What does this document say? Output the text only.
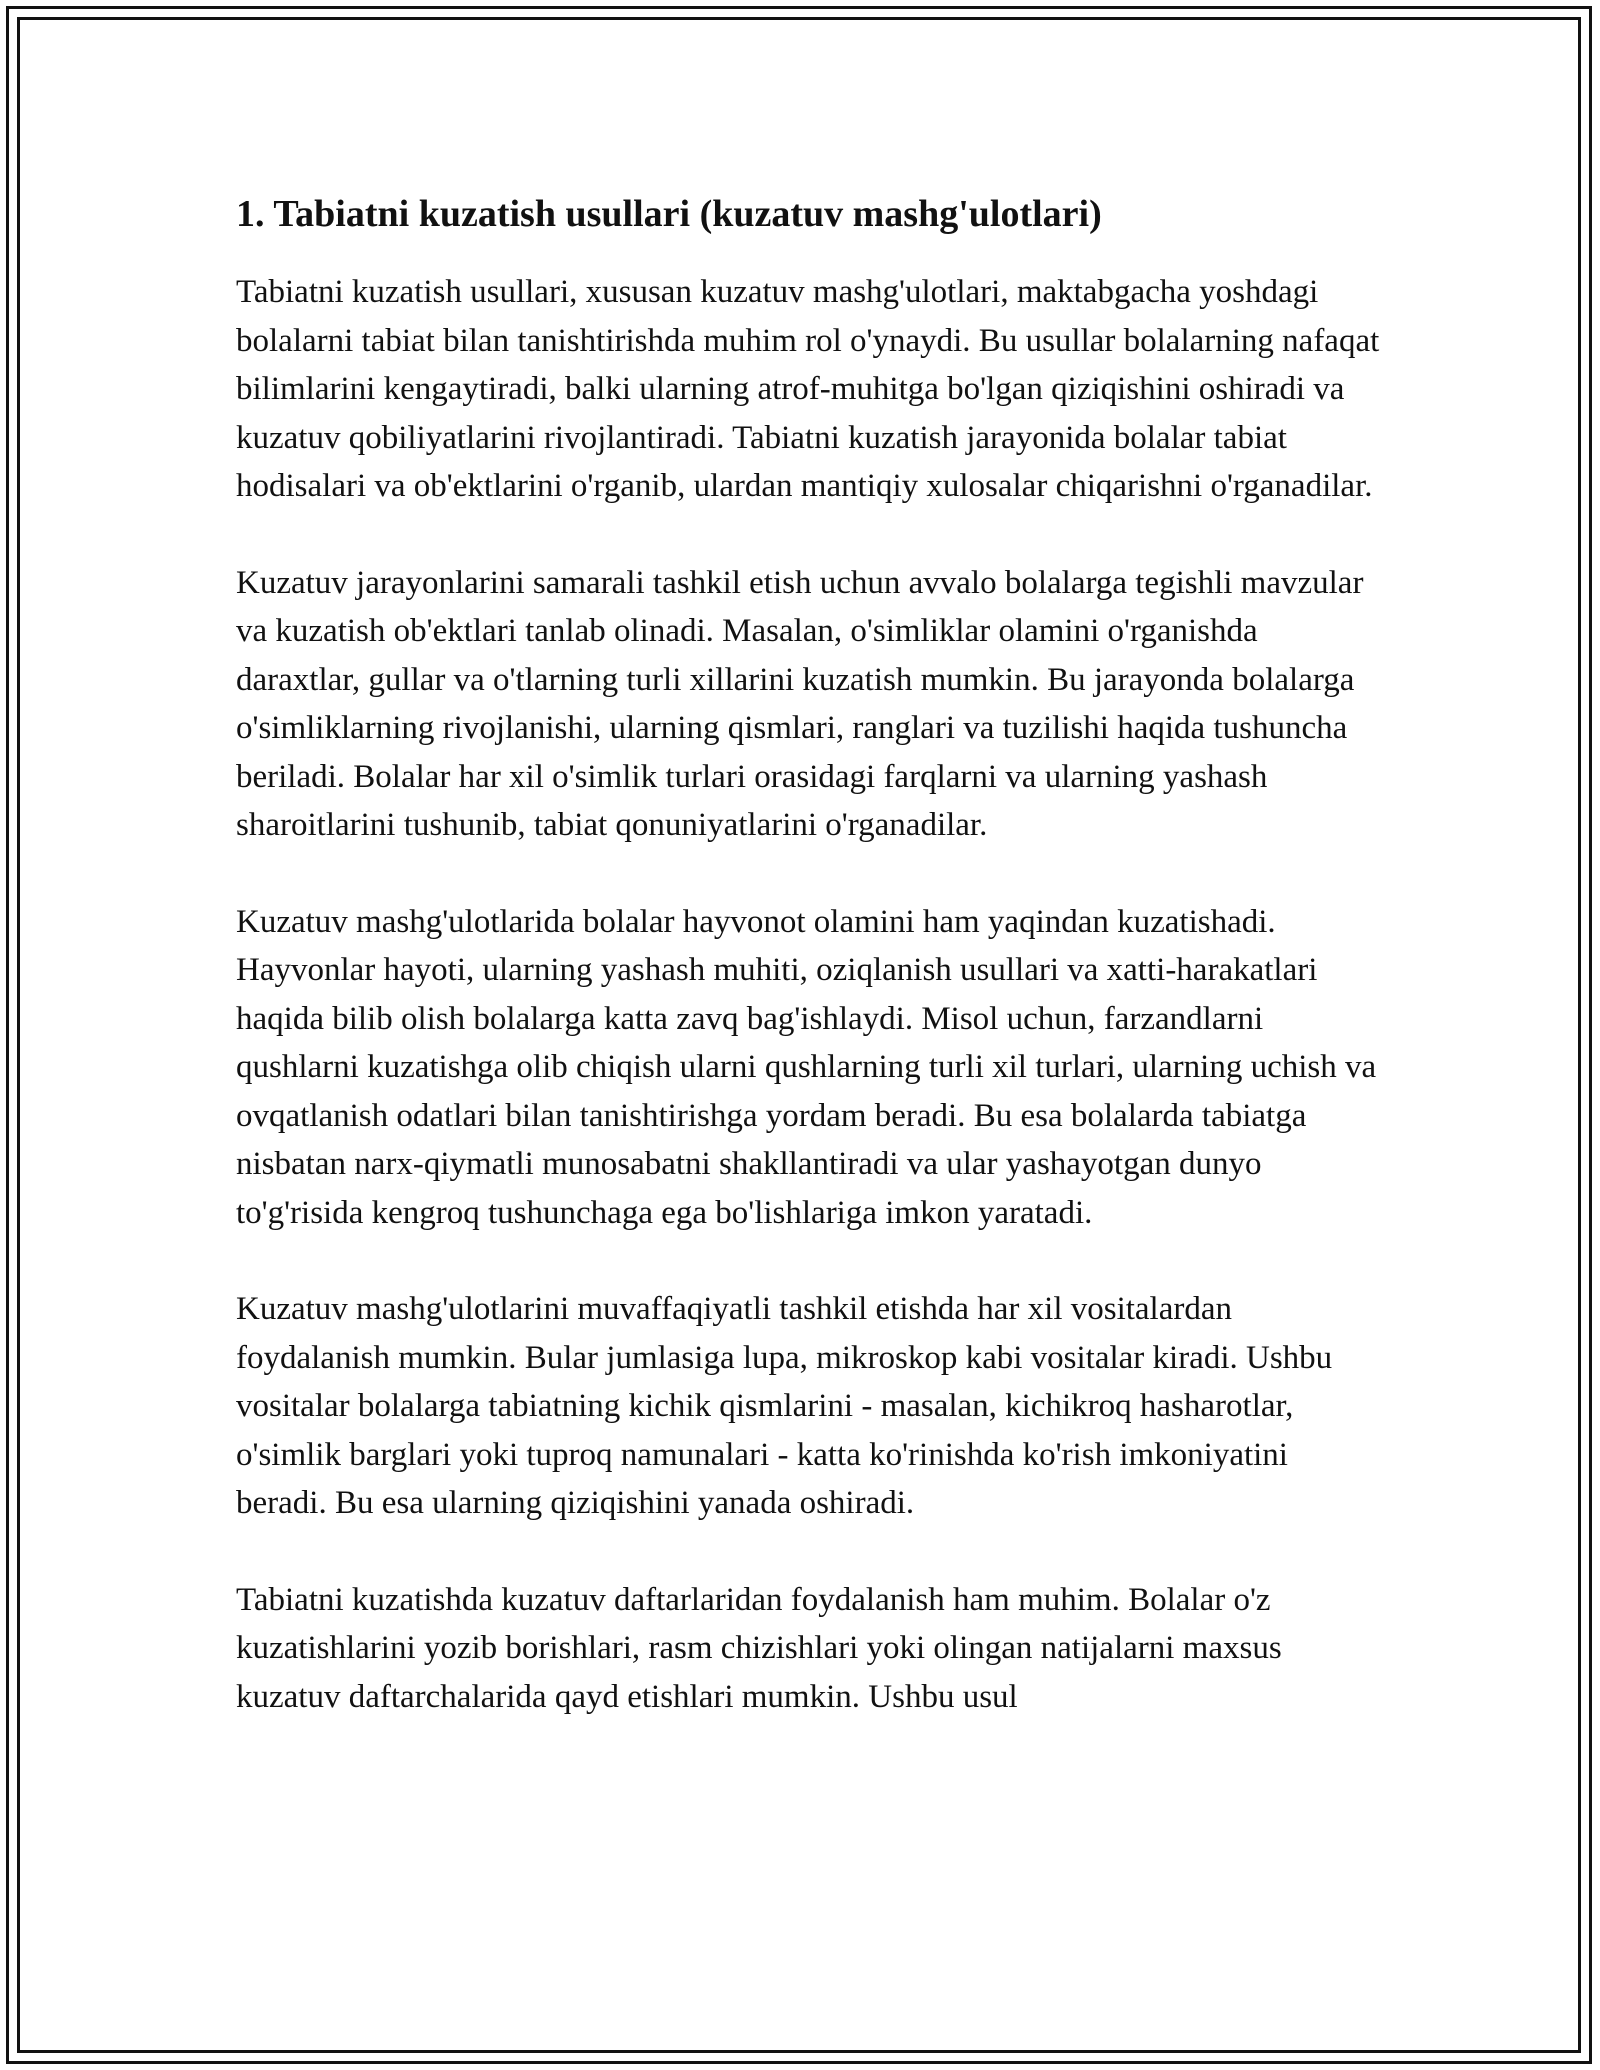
1. Tabiatni kuzatish usullari (kuzatuv mashg'ulotlari)

Tabiatni kuzatish usullari, xususan kuzatuv mashg'ulotlari, maktabgacha yoshdagi bolalarni tabiat bilan tanishtirishda muhim rol o'ynaydi. Bu usullar bolalarning nafaqat bilimlarini kengaytiradi, balki ularning atrof-muhitga bo'lgan qiziqishini oshiradi va kuzatuv qobiliyatlarini rivojlantiradi. Tabiatni kuzatish jarayonida bolalar tabiat hodisalari va ob'ektlarini o'rganib, ulardan mantiqiy xulosalar chiqarishni o'rganadilar.

Kuzatuv jarayonlarini samarali tashkil etish uchun avvalo bolalarga tegishli mavzular va kuzatish ob'ektlari tanlab olinadi. Masalan, o'simliklar olamini o'rganishda daraxtlar, gullar va o'tlarning turli xillarini kuzatish mumkin. Bu jarayonda bolalarga o'simliklarning rivojlanishi, ularning qismlari, ranglari va tuzilishi haqida tushuncha beriladi. Bolalar har xil o'simlik turlari orasidagi farqlarni va ularning yashash sharoitlarini tushunib, tabiat qonuniyatlarini o'rganadilar.

Kuzatuv mashg'ulotlarida bolalar hayvonot olamini ham yaqindan kuzatishadi. Hayvonlar hayoti, ularning yashash muhiti, oziqlanish usullari va xatti-harakatlari haqida bilib olish bolalarga katta zavq bag'ishlaydi. Misol uchun, farzandlarni qushlarni kuzatishga olib chiqish ularni qushlarning turli xil turlari, ularning uchish va ovqatlanish odatlari bilan tanishtirishga yordam beradi. Bu esa bolalarda tabiatga nisbatan narx-qiymatli munosabatni shakllantiradi va ular yashayotgan dunyo to'g'risida kengroq tushunchaga ega bo'lishlariga imkon yaratadi.

Kuzatuv mashg'ulotlarini muvaffaqiyatli tashkil etishda har xil vositalardan foydalanish mumkin. Bular jumlasiga lupa, mikroskop kabi vositalar kiradi. Ushbu vositalar bolalarga tabiatning kichik qismlarini - masalan, kichikroq hasharotlar, o'simlik barglari yoki tuproq namunalari - katta ko'rinishda ko'rish imkoniyatini beradi. Bu esa ularning qiziqishini yanada oshiradi.

Tabiatni kuzatishda kuzatuv daftarlaridan foydalanish ham muhim. Bolalar o'z kuzatishlarini yozib borishlari, rasm chizishlari yoki olingan natijalarni maxsus kuzatuv daftarchalarida qayd etishlari mumkin. Ushbu usul
